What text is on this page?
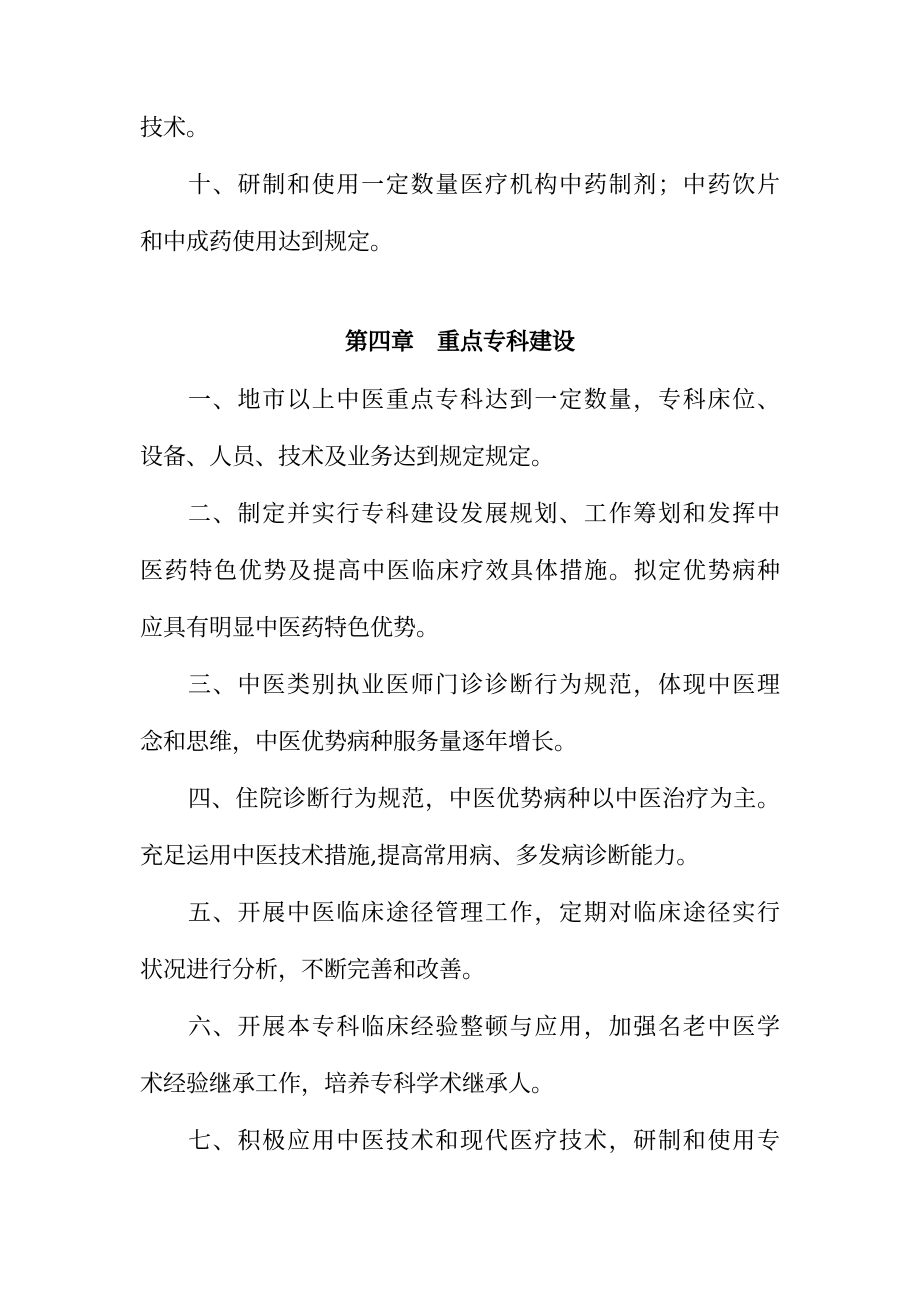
技术。
十、研制和使用一定数量医疗机构中药制剂；中药饮片
和中成药使用达到规定。
第四章　重点专科建设
一、地市以上中医重点专科达到一定数量，专科床位、
设备、人员、技术及业务达到规定规定。
二、制定并实行专科建设发展规划、工作筹划和发挥中
医药特色优势及提高中医临床疗效具体措施。拟定优势病种
应具有明显中医药特色优势。
三、中医类别执业医师门诊诊断行为规范，体现中医理
念和思维，中医优势病种服务量逐年增长。
四、住院诊断行为规范，中医优势病种以中医治疗为主。
充足运用中医技术措施,提高常用病、多发病诊断能力。
五、开展中医临床途径管理工作，定期对临床途径实行
状况进行分析，不断完善和改善。
六、开展本专科临床经验整顿与应用，加强名老中医学
术经验继承工作，培养专科学术继承人。
七、积极应用中医技术和现代医疗技术，研制和使用专
